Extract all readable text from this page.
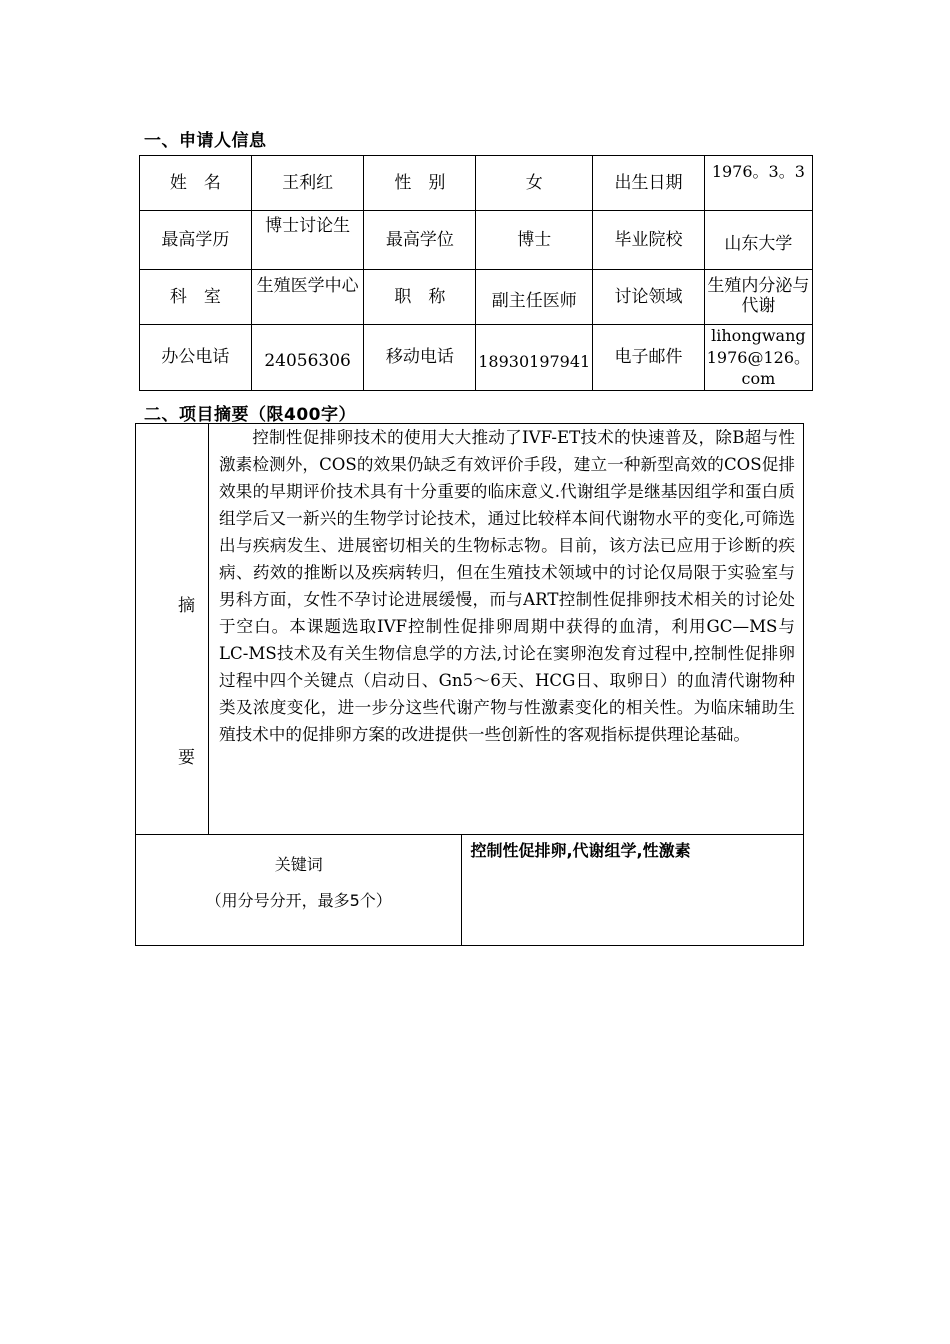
一、申请人信息
姓　名	王利红	性　别	女	出生日期	1976。3。3
最高学历	博士讨论生	最高学位	博士	毕业院校	山东大学
科　室	生殖医学中心	职　称	副主任医师	讨论领域	生殖内分泌与代谢
办公电话	24056306	移动电话	18930197941	电子邮件	lihongwang1976@126。com
二、项目摘要（限400字）
摘
要	控制性促排卵技术的使用大大推动了IVF-ET技术的快速普及，除B超与性激素检测外，COS的效果仍缺乏有效评价手段，建立一种新型高效的COS促排效果的早期评价技术具有十分重要的临床意义.代谢组学是继基因组学和蛋白质组学后又一新兴的生物学讨论技术，通过比较样本间代谢物水平的变化,可筛选出与疾病发生、进展密切相关的生物标志物。目前，该方法已应用于诊断的疾病、药效的推断以及疾病转归，但在生殖技术领域中的讨论仅局限于实验室与男科方面，女性不孕讨论进展缓慢，而与ART控制性促排卵技术相关的讨论处于空白。本课题选取IVF控制性促排卵周期中获得的血清，利用GC—MS与LC-MS技术及有关生物信息学的方法,讨论在窦卵泡发育过程中,控制性促排卵过程中四个关键点（启动日、Gn5～6天、HCG日、取卵日）的血清代谢物种类及浓度变化，进一步分这些代谢产物与性激素变化的相关性。为临床辅助生殖技术中的促排卵方案的改进提供一些创新性的客观指标提供理论基础。	

关键词
（用分号分开，最多5个）		控制性促排卵,代谢组学,性激素
